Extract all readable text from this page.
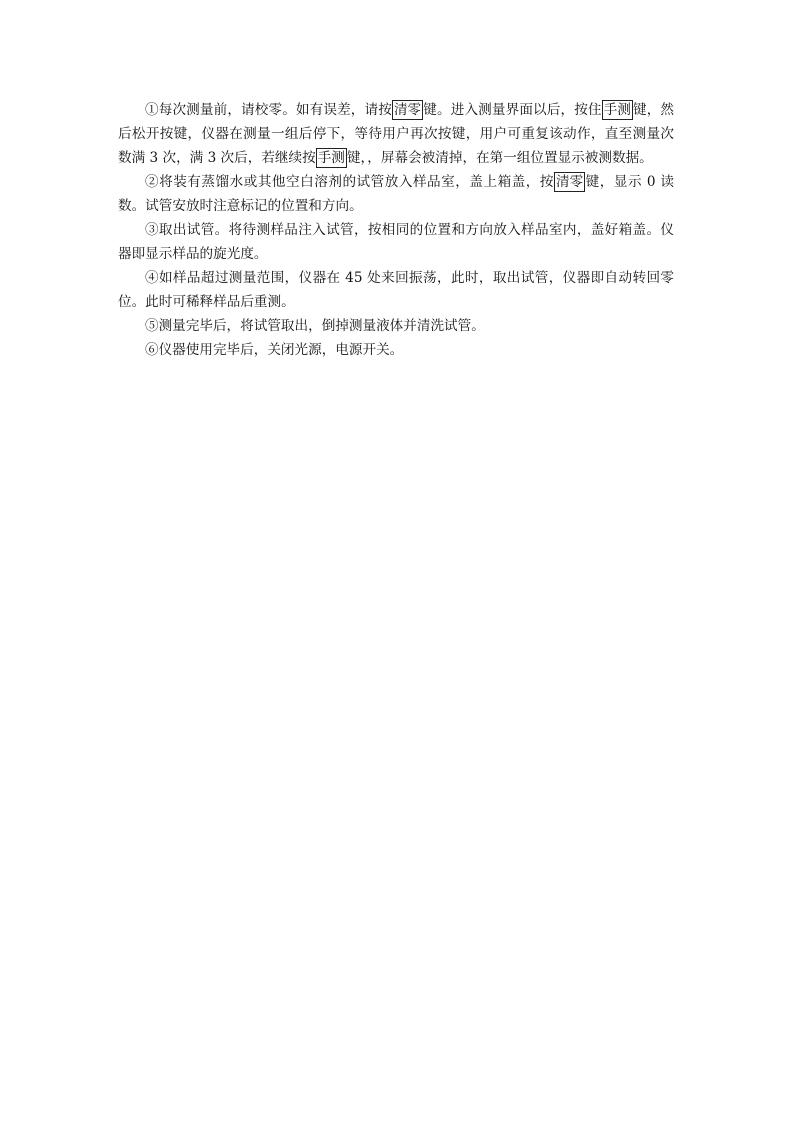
①每次测量前，请校零。如有误差，请按 清零 键。进入测量界面以后，按住 手测 键，然后松开按键，仪器在测量一组后停下，等待用户再次按键，用户可重复该动作，直至测量次数满 3 次，满 3 次后，若继续按 手测 键，，屏幕会被清掉，在第一组位置显示被测数据。

②将装有蒸馏水或其他空白溶剂的试管放入样品室，盖上箱盖，按 清零 键，显示 0 读数。试管安放时注意标记的位置和方向。

③取出试管。将待测样品注入试管，按相同的位置和方向放入样品室内，盖好箱盖。仪器即显示样品的旋光度。

④如样品超过测量范围，仪器在 45 处来回振荡，此时，取出试管，仪器即自动转回零位。此时可稀释样品后重测。

⑤测量完毕后，将试管取出，倒掉测量液体并清洗试管。

⑥仪器使用完毕后，关闭光源，电源开关。
